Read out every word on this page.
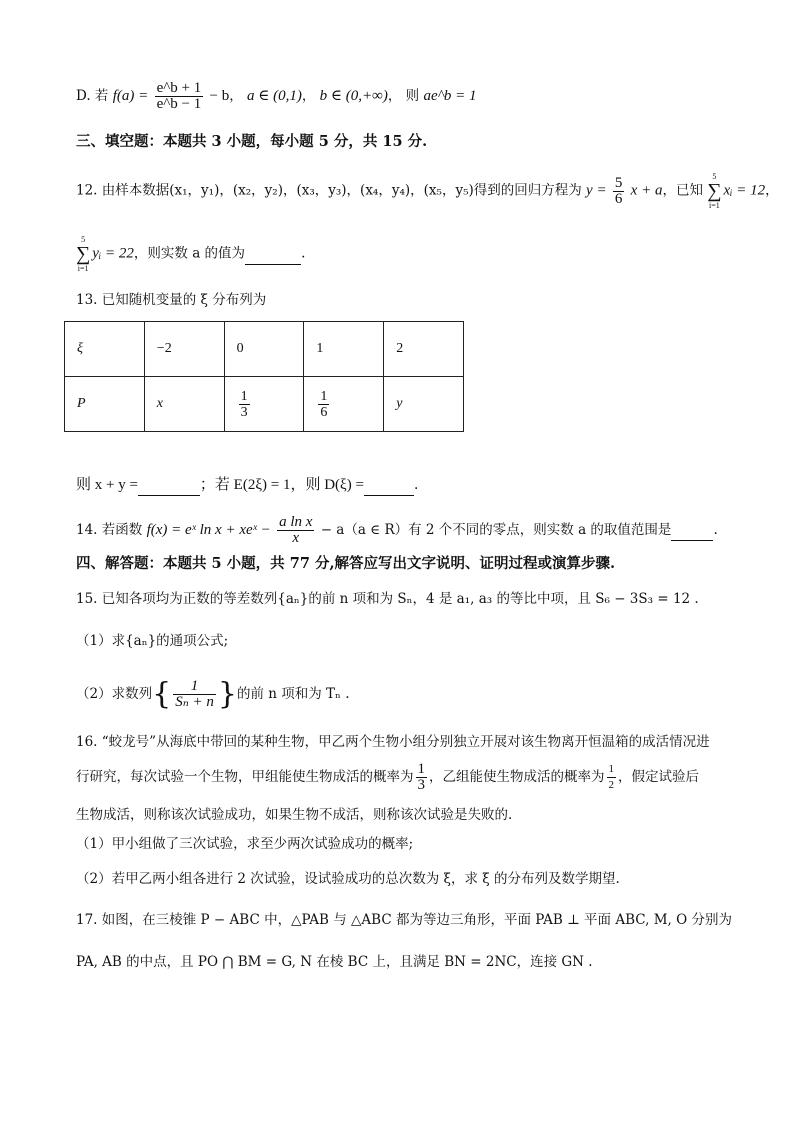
D. 若 $f(a) = \frac{e\^{}b + 1}{e\^{}b - 1} - b$， a ∈ (0,1)， b ∈ (0,+∞)， 则 ae^b = 1
三、填空题：本题共 3 小题，每小题 5 分，共 15 分.
12. 由样本数据(x₁，y₁)，(x₂，y₂)，(x₃，y₃)，(x₄，y₄)，(x₅，y₅)得到的回归方程为 $y = \frac{5}{6}$ x + a，已知 5
∑
i=1xᵢ = 12，
5
∑
i=1yᵢ = 22，则实数 a 的值为	.
13. 已知随机变量的 ξ 分布列为
ξ	−2	0	1	2
P	x	$\frac{1}{3}$	$\frac{1}{6}$	y
则 x + y =	；若 E(2ξ) = 1，则 D(ξ) =	.
14. 若函数 f(x) = eˣ ln x + xeˣ − $\frac{\text{a ln x}}{x} - a(a$ ∈ R）有 2 个不同的零点，则实数 a 的取值范围是	.
四、解答题：本题共 5 小题，共 77 分,解答应写出文字说明、证明过程或演算步骤.
15. 已知各项均为正数的等差数列{aₙ}的前 n 项和为 Sₙ，4 是 a₁, a₃ 的等比中项，且 S₆ − 3S₃ = 12 .
（1）求{aₙ}的通项公式;
（2）求数列{ $\frac{1}{\text{Sₙ + n}}$ }的前 n 项和为 Tₙ .
16. “蛟龙号”从海底中带回的某种生物，甲乙两个生物小组分别独立开展对该生物离开恒温箱的成活情况进
行研究，每次试验一个生物，甲组能使生物成活的概率为 $\frac{1}{3}$ ，乙组能使生物成活的概率为 $\frac{1}{2}$ ，假定试验后
生物成活，则称该次试验成功，如果生物不成活，则称该次试验是失败的.
（1）甲小组做了三次试验，求至少两次试验成功的概率;
（2）若甲乙两小组各进行 2 次试验，设试验成功的总次数为 ξ，求 ξ 的分布列及数学期望.
17. 如图，在三棱锥 P − ABC 中，△PAB 与 △ABC 都为等边三角形，平面 PAB ⊥ 平面 ABC, M, O 分别为
PA, AB 的中点，且 PO ⋂ BM = G, N 在棱 BC 上，且满足 BN = 2NC，连接 GN .
